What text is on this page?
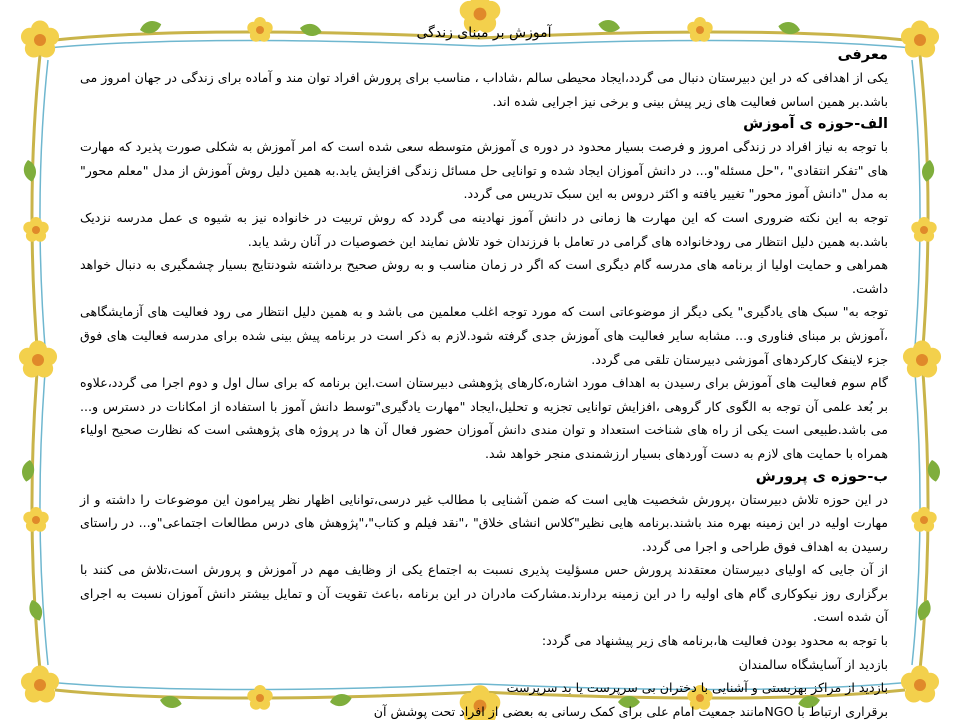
آموزش بر مبنای زندگی

معرفی

یکی از اهدافی که در این دبیرستان دنبال می گردد،ایجاد محیطی سالم ،شاداب ، مناسب برای پرورش افراد توان مند و آماده برای زندگی در جهان امروز می باشد.بر همین اساس فعالیت های زیر پیش بینی و برخی نیز اجرایی شده اند.

الف-حوزه ی آموزش

با توجه به نیاز افراد در زندگی امروز و فرصت بسیار محدود در دوره ی آموزش متوسطه سعی شده است که امر آموزش به شکلی صورت پذیرد که مهارت های "تفکر انتقادی" ،"حل مسئله"و... در دانش آموزان ایجاد شده و توانایی حل مسائل زندگی افزایش یابد.به همین دلیل روش آموزش از مدل "معلم محور" به مدل "دانش آموز محور" تغییر یافته و اکثر دروس به این سبک تدریس می گردد.

توجه به این نکته ضروری است که این مهارت ها زمانی در دانش آموز نهادینه می گردد که روش تربیت در خانواده نیز به شیوه ی عمل مدرسه نزدیک باشد.به همین دلیل انتظار می رودخانواده های گرامی در تعامل با فرزندان خود تلاش نمایند این خصوصیات در آنان رشد یابد.

همراهی و حمایت اولیا از برنامه های مدرسه گام دیگری است که اگر در زمان مناسب و به روش صحیح برداشته شودنتایج بسیار چشمگیری به دنبال خواهد داشت.

توجه به" سبک های یادگیری" یکی دیگر از موضوعاتی است که مورد توجه اغلب معلمین می باشد و به همین دلیل انتظار می رود فعالیت های آزمایشگاهی ،آموزش بر مبنای فناوری و... مشابه سایر فعالیت های آموزش جدی گرفته شود.لازم به ذکر است در برنامه پیش بینی شده برای مدرسه فعالیت های فوق جزء لاینفک کارکردهای آموزشی دبیرستان تلقی می گردد.

گام سوم فعالیت های آموزش برای رسیدن به اهداف مورد اشاره،کارهای پژوهشی دبیرستان است.این برنامه که برای سال اول و دوم اجرا می گردد،علاوه بر بُعد علمی آن توجه به الگوی کار گروهی ،افزایش توانایی تجزیه و تحلیل،ایجاد "مهارت یادگیری"توسط دانش آموز با استفاده از امکانات در دسترس و... می باشد.طبیعی است یکی از راه های شناخت استعداد و توان مندی دانش آموزان حضور فعال آن ها در پروژه های پژوهشی است که نظارت صحیح اولیاء همراه با حمایت های لازم به دست آوردهای بسیار ارزشمندی منجر خواهد شد.

ب-حوزه ی پرورش

در این حوزه تلاش دبیرستان ،پرورش شخصیت هایی است که ضمن آشنایی با مطالب غیر درسی،توانایی اظهار نظر پیرامون این موضوعات را داشته و از مهارت اولیه در این زمینه بهره مند باشند.برنامه هایی نظیر"کلاس انشای خلاق" ،"نقد فیلم و کتاب"،"پژوهش های درس مطالعات اجتماعی"و... در راستای رسیدن به اهداف فوق طراحی و اجرا می گردد.

از آن جایی که اولیای دبیرستان معتقدند پرورش حس مسؤلیت پذیری نسبت به اجتماع یکی از وظایف مهم در آموزش و پرورش است،تلاش می کنند با برگزاری روز نیکوکاری گام های اولیه را در این زمینه بردارند.مشارکت مادران در این برنامه ،باعث تقویت آن و تمایل بیشتر دانش آموزان نسبت به اجرای آن شده است.

با توجه به محدود بودن فعالیت ها،برنامه های زیر پیشنهاد می گردد:

بازدید از آسایشگاه سالمندان

بازدید از مراکز بهزیستی و آشنایی با دختران بی سرپرست یا بد سرپرست

برقراری ارتباط با NGOمانند جمعیت امام علی برای کمک رسانی به بعضی از افراد تحت پوشش آن
